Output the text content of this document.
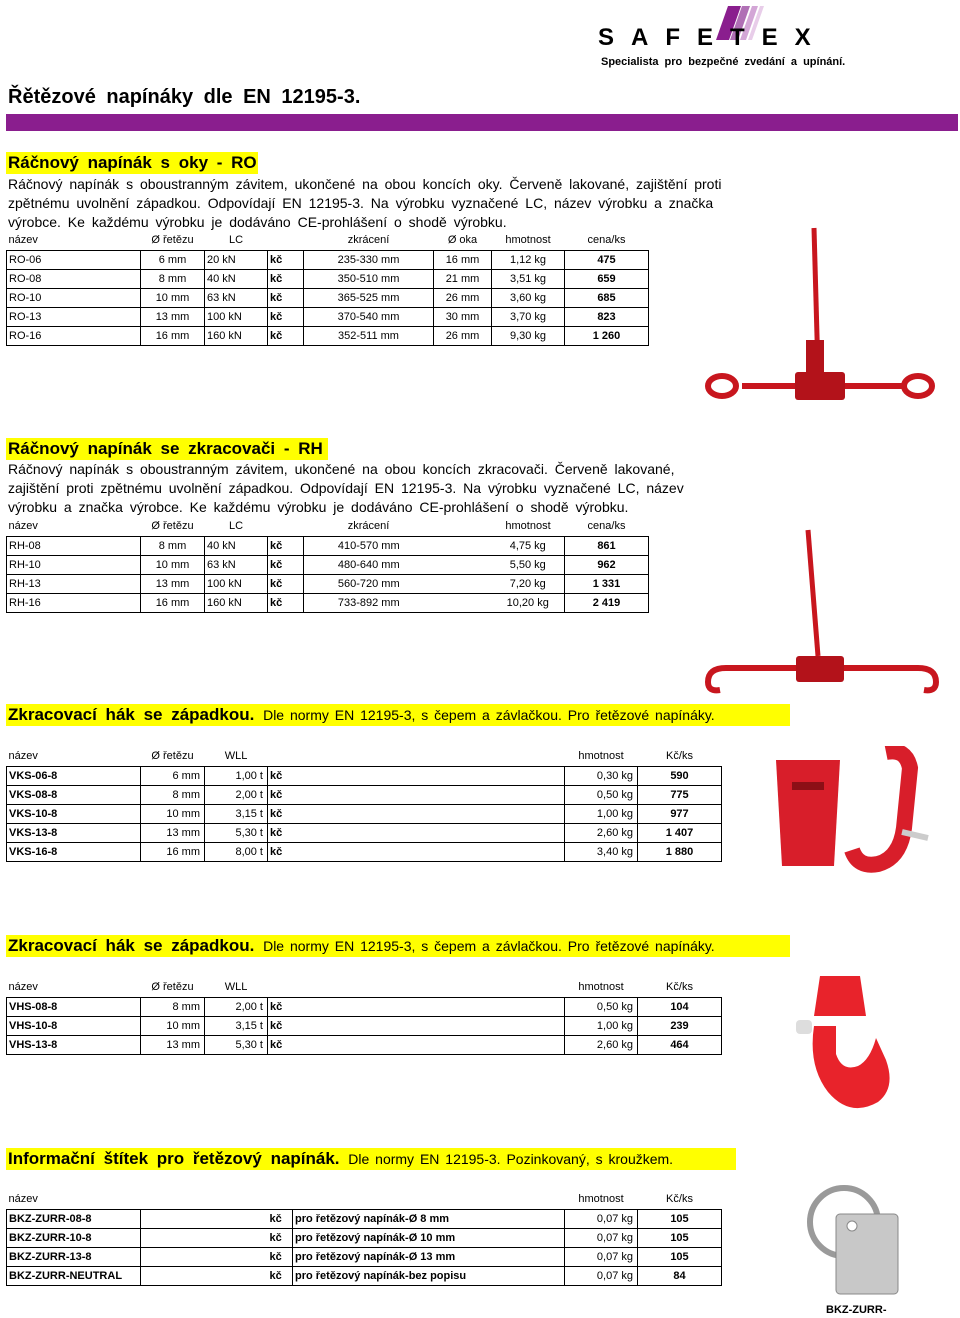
SAFETEX
Specialista pro bezpečné zvedání a upínání.
Řětězové napínáky dle EN 12195-3.
Ráčnový napínák s oky - RO
Ráčnový napínák s oboustranným závitem, ukončené na obou koncích oky. Červeně lakované, zajištění proti zpětnému uvolnění západkou. Odpovídají EN 12195-3. Na výrobku vyznačené LC, název výrobku a značka výrobce. Ke každému výrobku je dodáváno CE-prohlášení o shodě výrobku.
název	Ø řetězu	LC		zkrácení	Ø oka	hmotnost	cena/ks
RO-06	6 mm	20 kN	kč	235-330 mm	16 mm	1,12 kg	475
RO-08	8 mm	40 kN	kč	350-510 mm	21 mm	3,51 kg	659
RO-10	10 mm	63 kN	kč	365-525 mm	26 mm	3,60 kg	685
RO-13	13 mm	100 kN	kč	370-540 mm	30 mm	3,70 kg	823
RO-16	16 mm	160 kN	kč	352-511 mm	26 mm	9,30 kg	1 260
Ráčnový napínák se zkracovači - RH
Ráčnový napínák s oboustranným závitem, ukončené na obou koncích zkracovači. Červeně lakované,
zajištění proti zpětnému uvolnění západkou. Odpovídají EN 12195-3. Na výrobku vyznačené LC, název
výrobku a značka výrobce. Ke každému výrobku je dodáváno CE-prohlášení o shodě výrobku.
název	Ø řetězu	LC		zkrácení		hmotnost	cena/ks
RH-08	8 mm	40 kN	kč	410-570 mm		4,75 kg	861
RH-10	10 mm	63 kN	kč	480-640 mm		5,50 kg	962
RH-13	13 mm	100 kN	kč	560-720 mm		7,20 kg	1 331
RH-16	16 mm	160 kN	kč	733-892 mm		10,20 kg	2 419
Zkracovací hák se západkou. Dle normy EN 12195-3, s čepem a závlačkou. Pro řetězové napínáky.
název	Ø řetězu	WLL			hmotnost	Kč/ks
VKS-06-8	6 mm	1,00 t	kč		0,30 kg	590
VKS-08-8	8 mm	2,00 t	kč		0,50 kg	775
VKS-10-8	10 mm	3,15 t	kč		1,00 kg	977
VKS-13-8	13 mm	5,30 t	kč		2,60 kg	1 407
VKS-16-8	16 mm	8,00 t	kč		3,40 kg	1 880
Zkracovací hák se západkou. Dle normy EN 12195-3, s čepem a závlačkou. Pro řetězové napínáky.
název	Ø řetězu	WLL			hmotnost	Kč/ks
VHS-08-8	8 mm	2,00 t	kč		0,50 kg	104
VHS-10-8	10 mm	3,15 t	kč		1,00 kg	239
VHS-13-8	13 mm	5,30 t	kč		2,60 kg	464
Informační štítek pro řetězový napínák. Dle normy EN 12195-3. Pozinkovaný, s kroužkem.
název					hmotnost	Kč/ks
BKZ-ZURR-08-8			kč	pro řetězový napínák-Ø 8 mm	0,07 kg	105
BKZ-ZURR-10-8			kč	pro řetězový napínák-Ø 10 mm	0,07 kg	105
BKZ-ZURR-13-8			kč	pro řetězový napínák-Ø 13 mm	0,07 kg	105
BKZ-ZURR-NEUTRAL			kč	pro řetězový napínák-bez popisu	0,07 kg	84
BKZ-ZURR-
